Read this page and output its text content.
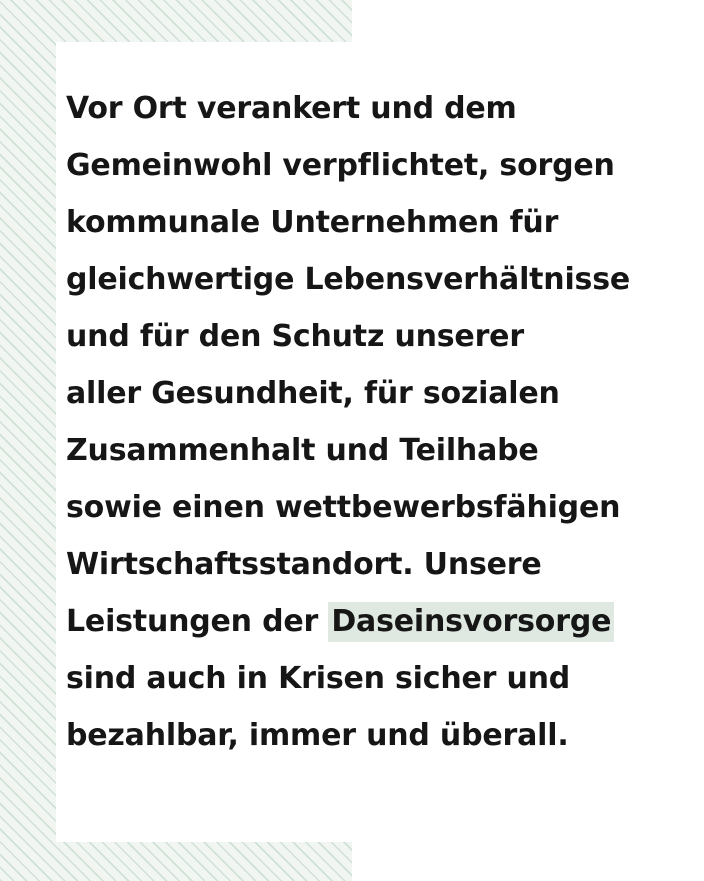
Vor Ort verankert und dem
Gemeinwohl verpflichtet, sorgen
kommunale Unternehmen für
gleichwertige Lebensverhältnisse
und für den Schutz unserer
aller Gesundheit, für sozialen
Zusammenhalt und Teilhabe
sowie einen wettbewerbsfähigen
Wirtschaftsstandort. Unsere
Leistungen der Daseinsvorsorge
sind auch in Krisen sicher und
bezahlbar, immer und überall.
